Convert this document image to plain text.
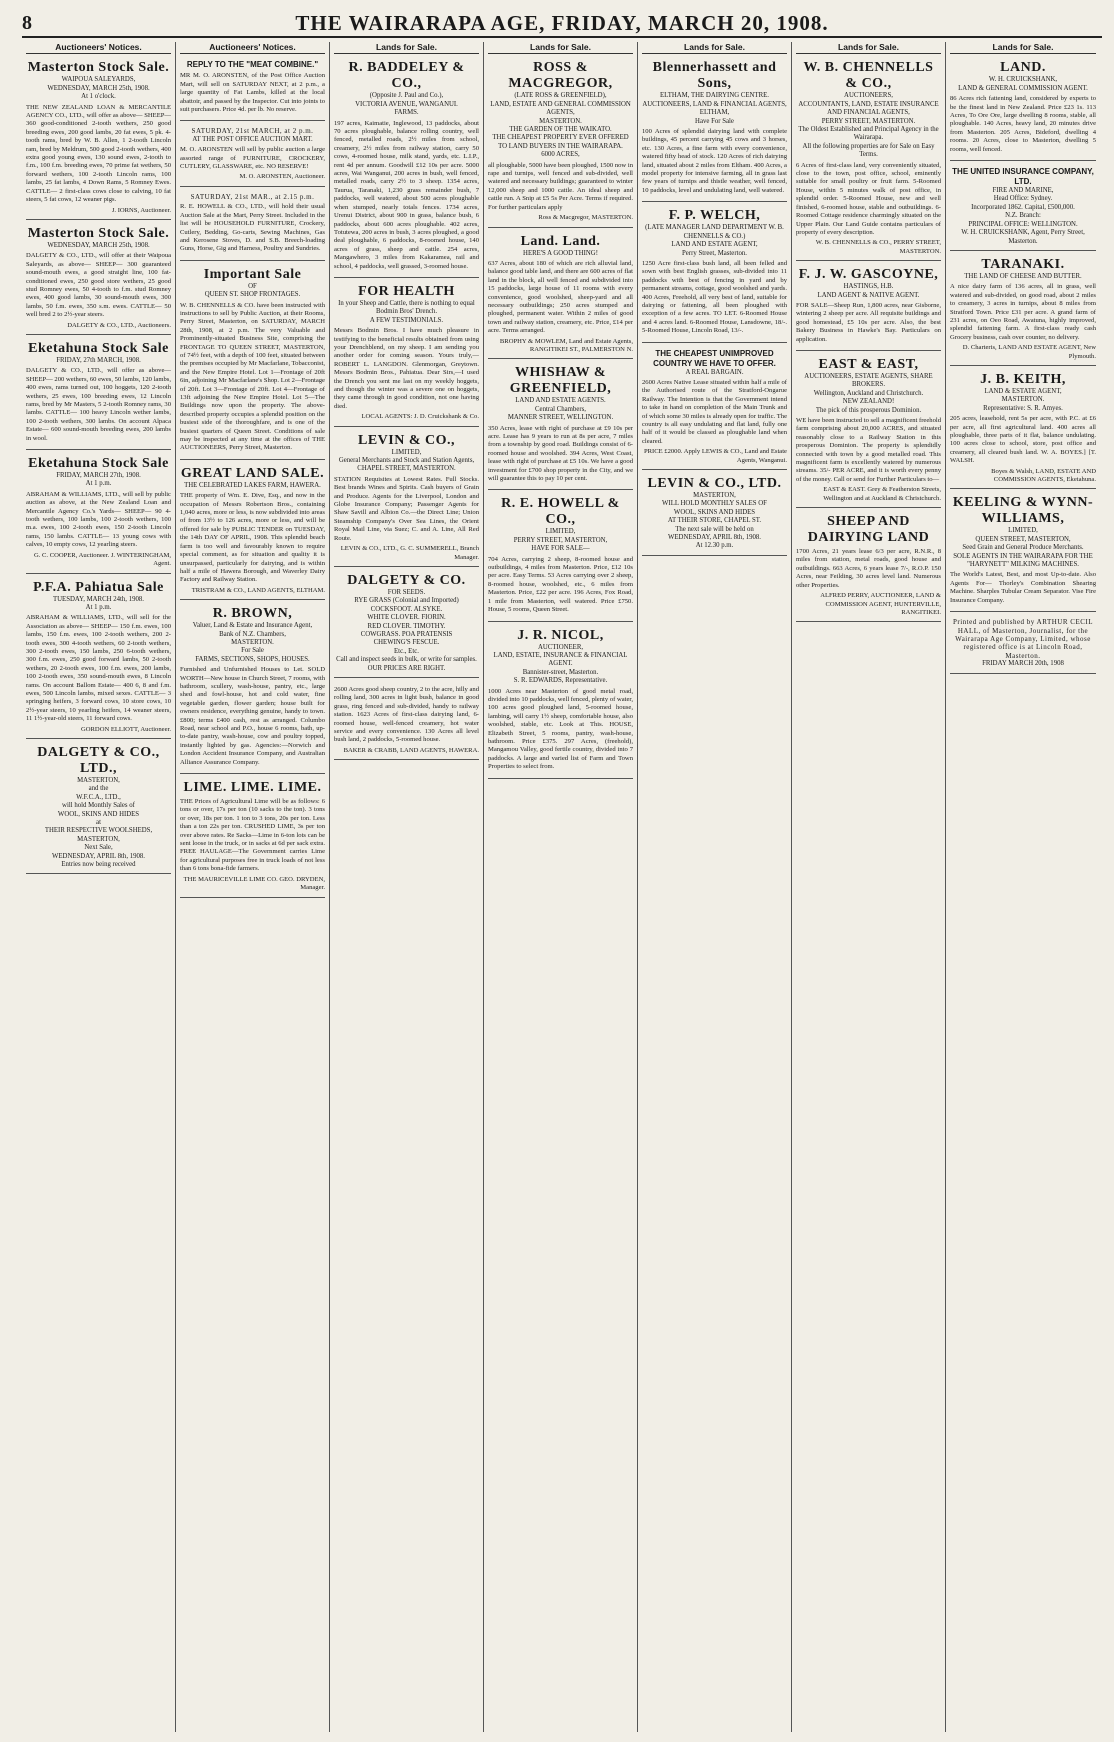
8	THE WAIRARAPA AGE, FRIDAY, MARCH 20, 1908.
Auctioneers' Notices.
Masterton Stock Sale.
WAIPOUA SALEYARDS,
WEDNESDAY, MARCH 25th, 1908.
At 1 o'clock.
THE NEW ZEALAND LOAN & MERCANTILE AGENCY CO., LTD., will offer as above— SHEEP— 360 good-conditioned 2-tooth wethers, 250 good breeding ewes, 200 good lambs, 20 fat ewes, 5 pk. 4-tooth rams, bred by W. B. Allen, 1 2-tooth Lincoln ram, bred by Meldrum, 500 good 2-tooth wethers, 400 extra good young ewes, 130 sound ewes, 2-tooth to f.m., 100 f.m. breeding ewes, 70 prime fat wethers, 50 forward wethers, 100 2-tooth Lincoln rams, 100 lambs, 25 fat lambs, 4 Down Rams, 5 Romney Ewes. CATTLE— 2 first-class cows close to calving, 10 fat steers, 5 fat cows, 12 weaner pigs.
J. IORNS, Auctioneer.
Masterton Stock Sale.
WEDNESDAY, MARCH 25th, 1908.
DALGETY & CO., LTD., will offer at their Waipoua Saleyards, as above— SHEEP— 300 guaranteed sound-mouth ewes, a good straight line, 100 fat-conditioned ewes, 250 good store wethers, 25 good stud Romney ewes, 50 4-tooth to f.m. stud Romney ewes, 400 good lambs, 30 sound-mouth ewes, 300 lambs, 50 f.m. ewes, 350 s.m. ewes. CATTLE— 50 well bred 2 to 2½-year steers.
DALGETY & CO., LTD., Auctioneers.
Eketahuna Stock Sale
FRIDAY, 27th MARCH, 1908.
DALGETY & CO., LTD., will offer as above— SHEEP— 200 wethers, 60 ewes, 50 lambs, 120 lambs, 400 ewes, rams turned out, 100 hoggets, 120 2-tooth wethers, 25 ewes, 100 breeding ewes, 12 Lincoln rams, bred by Mr Masters, 5 2-tooth Romney rams, 30 lambs. CATTLE— 100 heavy Lincoln wether lambs, 100 2-tooth wethers, 300 lambs. On account Alpaca Estate— 600 sound-mouth breeding ewes, 200 lambs in wool.
Eketahuna Stock Sale
FRIDAY, MARCH 27th, 1908.
At 1 p.m.
ABRAHAM & WILLIAMS, LTD., will sell by public auction as above, at the New Zealand Loan and Mercantile Agency Co.'s Yards— SHEEP— 90 4-tooth wethers, 100 lambs, 100 2-tooth wethers, 100 m.a. ewes, 100 2-tooth ewes, 150 2-tooth Lincoln rams, 150 lambs. CATTLE— 13 young cows with calves, 10 empty cows, 12 yearling steers.
G. C. COOPER, Auctioneer. J. WINTERINGHAM, Agent.
P.F.A. Pahiatua Sale
TUESDAY, MARCH 24th, 1908.
At 1 p.m.
ABRAHAM & WILLIAMS, LTD., will sell for the Association as above— SHEEP— 150 f.m. ewes, 100 lambs, 150 f.m. ewes, 100 2-tooth wethers, 200 2-tooth ewes, 300 4-tooth wethers, 60 2-tooth wethers, 300 2-tooth ewes, 150 lambs, 250 6-tooth wethers, 300 f.m. ewes, 250 good forward lambs, 50 2-tooth wethers, 20 2-tooth ewes, 100 f.m. ewes, 200 lambs, 100 2-tooth ewes, 350 sound-mouth ewes, 8 Lincoln rams. On account Ballom Estate— 400 6, 8 and f.m. ewes, 500 Lincoln lambs, mixed sexes. CATTLE— 3 springing heifers, 3 forward cows, 10 store cows, 10 2½-year steers, 10 yearling heifers, 14 weaner steers, 11 1½-year-old steers, 11 forward cows.
GORDON ELLIOTT, Auctioneer.
DALGETY & CO., LTD.,
MASTERTON,
and the
W.F.C.A., LTD.,
will hold Monthly Sales of
WOOL, SKINS AND HIDES
at
THEIR RESPECTIVE WOOLSHEDS, MASTERTON,
Next Sale,
WEDNESDAY, APRIL 8th, 1908.
Entries now being received
Auctioneers' Notices.
REPLY TO THE "MEAT COMBINE."
MR M. O. ARONSTEN, of the Post Office Auction Mart, will sell on SATURDAY NEXT, at 2 p.m., a large quantity of Fat Lambs, killed at the local abattoir, and passed by the Inspector. Cut into joints to suit purchasers. Price 4d. per lb. No reserve.
SATURDAY, 21st MARCH, at 2 p.m.
AT THE POST OFFICE AUCTION MART.
M. O. ARONSTEN will sell by public auction a large assorted range of FURNITURE, CROCKERY, CUTLERY, GLASSWARE, etc. NO RESERVE!
M. O. ARONSTEN, Auctioneer.
SATURDAY, 21st MAR., at 2.15 p.m.
R. E. HOWELL & CO., LTD., will hold their usual Auction Sale at the Mart, Perry Street. Included in the list will be HOUSEHOLD FURNITURE, Crockery, Cutlery, Bedding, Go-carts, Sewing Machines, Gas and Kerosene Stoves, D. and S.B. Breech-loading Guns, Horse, Gig and Harness, Poultry and Sundries.
Important Sale
OF
QUEEN ST. SHOP FRONTAGES.
W. B. CHENNELLS & CO. have been instructed with instructions to sell by Public Auction, at their Rooms, Perry Street, Masterton, on SATURDAY, MARCH 28th, 1908, at 2 p.m. The very Valuable and Prominently-situated Business Site, comprising the FRONTAGE TO QUEEN STREET, MASTERTON, of 74½ feet, with a depth of 100 feet, situated between the premises occupied by Mr Macfarlane, Tobacconist, and the New Empire Hotel. Lot 1—Frontage of 20ft 6in, adjoining Mr Macfarlane's Shop. Lot 2—Frontage of 20ft. Lot 3—Frontage of 20ft. Lot 4—Frontage of 13ft adjoining the New Empire Hotel. Lot 5—The Buildings now upon the property. The above-described property occupies a splendid position on the busiest side of the thoroughfare, and is one of the busiest quarters of Queen Street. Conditions of sale may be inspected at any time at the offices of THE AUCTIONEERS, Perry Street, Masterton.
GREAT LAND SALE.
THE CELEBRATED LAKES FARM, HAWERA.
THE property of Wm. E. Dive, Esq., and now in the occupation of Messrs Robertson Bros., containing 1,040 acres, more or less, is now subdivided into areas of from 13½ to 126 acres, more or less, and will be offered for sale by PUBLIC TENDER on TUESDAY, the 14th DAY OF APRIL, 1908. This splendid beach farm is too well and favourably known to require special comment, as for situation and quality it is unsurpassed, particularly for dairying, and is within half a mile of Hawera Borough, and Waverley Dairy Factory and Railway Station.
TRISTRAM & CO., LAND AGENTS, ELTHAM.
R. BROWN,
Valuer, Land & Estate and Insurance Agent,
Bank of N.Z. Chambers,
MASTERTON.
For Sale
FARMS, SECTIONS, SHOPS, HOUSES.
Furnished and Unfurnished Houses to Let. SOLD WORTH—New house in Church Street, 7 rooms, with bathroom, scullery, wash-house, pantry, etc., large shed and fowl-house, hot and cold water, fine vegetable garden, flower garden; house built for owners residence, everything genuine, handy to town. £800; terms £400 cash, rest as arranged. Columbo Road, near school and P.O., house 6 rooms, bath, up-to-date pantry, wash-house, cow and poultry topped, instantly lighted by gas. Agencies:—Norwich and London Accident Insurance Company, and Australian Alliance Assurance Company.
LIME. LIME. LIME.
THE Prices of Agricultural Lime will be as follows: 6 tons or over, 17s per ton (10 sacks to the ton). 3 tons or over, 18s per ton. 1 ton to 3 tons, 20s per ton. Less than a ton 22s per ton. CRUSHED LIME, 3s per ton over above rates. Re Sacks—Lime in 6-ton lots can be sent loose in the truck, or in sacks at 6d per sack extra. FREE HAULAGE—The Government carries Lime for agricultural purposes free in truck loads of not less than 6 tons bona-fide farmers.
THE MAURICEVILLE LIME CO. GEO. DRYDEN, Manager.
Lands for Sale.
R. BADDELEY & CO.,
(Opposite J. Paul and Co.),
VICTORIA AVENUE, WANGANUI.
FARMS.
197 acres, Kaimatie, Inglewood, 13 paddocks, about 70 acres ploughable, balance rolling country, well fenced, metalled roads, 2½ miles from school, creamery, 2½ miles from railway station, carry 50 cows, 4-roomed house, milk stand, yards, etc. L.I.P., rent 4d per annum. Goodwill £12 10s per acre. 5000 acres, Wai Wanganui, 200 acres in bush, well fenced, metalled roads, carry 2½ to 3 sheep. 1354 acres, Taurua, Taranaki, 1,230 grass remainder bush, 7 paddocks, well watered, about 500 acres ploughable when stumped, nearly totals fences. 1734 acres, Urenui District, about 900 in grass, balance bush, 6 paddocks, about 600 acres ploughable. 402 acres, Totutewa, 200 acres in bush, 3 acres ploughed, a good deal ploughable, 6 paddocks, 8-roomed house, 140 acres of grass, sheep and cattle. 254 acres, Mangawhero, 3 miles from Kakaramea, rail and school, 4 paddocks, well grassed, 3-roomed house.
FOR HEALTH
In your Sheep and Cattle, there is nothing to equal
Bodmin Bros' Drench.
A FEW TESTIMONIALS.
Messrs Bodmin Bros. I have much pleasure in testifying to the beneficial results obtained from using your Drenchblend, on my sheep. I am sending you another order for coming season. Yours truly,—ROBERT L. LANGDON. Glenmorgan, Greytown. Messrs Bodmin Bros., Pahiatua. Dear Sirs,—I used the Drench you sent me last on my weekly hoggets, and though the winter was a severe one on hoggets, they came through in good condition, not one having died.
LOCAL AGENTS: J. D. Cruickshank & Co.
LEVIN & CO.,
LIMITED,
General Merchants and Stock and Station Agents,
CHAPEL STREET, MASTERTON.
STATION Requisites at Lowest Rates. Full Stocks. Best brands Wines and Spirits. Cash buyers of Grain and Produce. Agents for the Liverpool, London and Globe Insurance Company; Passenger Agents for Shaw Savill and Albion Co.—the Direct Line; Union Steamship Company's Over Sea Lines, the Orient Royal Mail Line, via Suez; C. and A. Line, All Red Route.
LEVIN & CO., LTD., G. C. SUMMERELL, Branch Manager.
DALGETY & CO.
FOR SEEDS.
RYE GRASS (Colonial and Imported)
COCKSFOOT. ALSYKE.
WHITE CLOVER. FIORIN.
RED CLOVER. TIMOTHY.
COWGRASS. POA PRATENSIS
CHEWING'S FESCUE.
Etc., Etc.
Call and inspect seeds in bulk, or write for samples.
OUR PRICES ARE RIGHT.
2600 Acres good sheep country, 2 to the acre, hilly and rolling land, 300 acres in light bush, balance in good grass, ring fenced and sub-divided, handy to railway station. 1623 Acres of first-class dairying land, 6-roomed house, well-fenced creamery, hot water service and every convenience. 130 Acres all level bush land, 2 paddocks, 5-roomed house.
BAKER & CRABB, LAND AGENTS, HAWERA.
Lands for Sale.
ROSS & MACGREGOR,
(LATE ROSS & GREENFIELD),
LAND, ESTATE AND GENERAL COMMISSION AGENTS,
MASTERTON.
THE GARDEN OF THE WAIKATO.
THE CHEAPEST PROPERTY EVER OFFERED TO LAND BUYERS IN THE WAIRARAPA.
6000 ACRES,
all ploughable, 5000 have been ploughed, 1500 now in rape and turnips, well fenced and sub-divided, well watered and necessary buildings; guaranteed to winter 12,000 sheep and 1000 cattle. An ideal sheep and cattle run. A Snip at £5 5s Per Acre. Terms if required. For further particulars apply
Ross & Macgregor, MASTERTON.
Land. Land.
HERE'S A GOOD THING!
637 Acres, about 180 of which are rich alluvial land, balance good table land, and there are 600 acres of flat land in the block, all well fenced and subdivided into 15 paddocks, large house of 11 rooms with every convenience, good woolshed, sheep-yard and all necessary outbuildings; 250 acres stumped and ploughed, permanent water. Within 2 miles of good town and railway station, creamery, etc. Price, £14 per acre. Terms arranged.
BROPHY & MOWLEM, Land and Estate Agents, RANGITIKEI ST., PALMERSTON N.
WHISHAW & GREENFIELD,
LAND AND ESTATE AGENTS.
Central Chambers,
MANNER STREET, WELLINGTON.
350 Acres, lease with right of purchase at £9 10s per acre. Lease has 9 years to run at 8s per acre, 7 miles from a township by good road. Buildings consist of 6-roomed house and woolshed. 394 Acres, West Coast, lease with right of purchase at £5 10s. We have a good investment for £700 shop property in the City, and we will guarantee this to pay 10 per cent.
R. E. HOWELL & CO.,
LIMITED,
PERRY STREET, MASTERTON,
HAVE FOR SALE—
704 Acres, carrying 2 sheep, 8-roomed house and outbuildings, 4 miles from Masterton. Price, £12 10s per acre. Easy Terms. 53 Acres carrying over 2 sheep, 8-roomed house, woolshed, etc., 6 miles from Masterton. Price, £22 per acre. 196 Acres, Fox Road, 1 mile from Masterton, well watered. Price £750. House, 5 rooms, Queen Street.
J. R. NICOL,
AUCTIONEER,
LAND, ESTATE, INSURANCE & FINANCIAL AGENT.
Bannister-street, Masterton.
S. R. EDWARDS, Representative.
1000 Acres near Masterton of good metal road, divided into 10 paddocks, well fenced, plenty of water, 100 acres good ploughed land, 5-roomed house, lambing, will carry 1½ sheep, comfortable house, also woolshed, stable, etc. Look at This. HOUSE, Elizabeth Street, 5 rooms, pantry, wash-house, bathroom. Price £375. 297 Acres, (freehold), Mangamou Valley, good fertile country, divided into 7 paddocks. A large and varied list of Farm and Town Properties to select from.
Lands for Sale.
Blennerhassett and Sons,
ELTHAM, THE DAIRYING CENTRE.
AUCTIONEERS, LAND & FINANCIAL AGENTS, ELTHAM,
Have For Sale
100 Acres of splendid dairying land with complete buildings, 45 percent carrying 45 cows and 3 horses, etc. 130 Acres, a fine farm with every convenience, watered fifty head of stock. 120 Acres of rich dairying land, situated about 2 miles from Eltham. 400 Acres, a model property for intensive farming, all in grass last few years of turnips and thistle weather, well fenced, 10 paddocks, level and undulating land, well watered.
F. P. WELCH,
(LATE MANAGER LAND DEPARTMENT W. B. CHENNELLS & CO.)
LAND AND ESTATE AGENT,
Perry Street, Masterton.
1250 Acre first-class bush land, all been felled and sown with best English grasses, sub-divided into 11 paddocks with best of fencing in yard and by permanent streams, cottage, good woolshed and yards. 400 Acres, Freehold, all very best of land, suitable for dairying or fattening, all been ploughed with exception of a few acres. TO LET. 6-Roomed House and 4 acres land. 6-Roomed House, Lansdowne, 18/-. 5-Roomed House, Lincoln Road, 13/-.
THE CHEAPEST UNIMPROVED COUNTRY WE HAVE TO OFFER.
A REAL BARGAIN.
2600 Acres Native Lease situated within half a mile of the Authorised route of the Stratford-Ongarue Railway. The Intention is that the Government intend to take in hand on completion of the Main Trunk and of which some 30 miles is already open for traffic. The country is all easy undulating and flat land, fully one half of it would be classed as ploughable land when cleared.
PRICE £2000. Apply LEWIS & CO., Land and Estate Agents, Wanganui.
LEVIN & CO., LTD.
MASTERTON,
WILL HOLD MONTHLY SALES OF
WOOL, SKINS AND HIDES
AT THEIR STORE, CHAPEL ST.
The next sale will be held on
WEDNESDAY, APRIL 8th, 1908.
At 12.30 p.m.
Lands for Sale.
W. B. CHENNELLS & CO.,
AUCTIONEERS,
ACCOUNTANTS, LAND, ESTATE INSURANCE AND FINANCIAL AGENTS,
PERRY STREET, MASTERTON.
The Oldest Established and Principal Agency in the Wairarapa.
All the following properties are for Sale on Easy Terms.
6 Acres of first-class land, very conveniently situated, close to the town, post office, school, eminently suitable for small poultry or fruit farm. 5-Roomed House, within 5 minutes walk of post office, in splendid order. 5-Roomed House, new and well finished, 6-roomed house, stable and outbuildings. 6-Roomed Cottage residence charmingly situated on the Upper Plain. Our Land Guide contains particulars of property of every description.
W. B. CHENNELLS & CO., PERRY STREET, MASTERTON.
F. J. W. GASCOYNE,
HASTINGS, H.B.
LAND AGENT & NATIVE AGENT.
FOR SALE—Sheep Run, 1,800 acres, near Gisborne, wintering 2 sheep per acre. All requisite buildings and good homestead, £5 10s per acre. Also, the best Bakery Business in Hawke's Bay. Particulars on application.
EAST & EAST,
AUCTIONEERS, ESTATE AGENTS, SHARE BROKERS.
Wellington, Auckland and Christchurch.
NEW ZEALAND!
The pick of this prosperous Dominion.
WE have been instructed to sell a magnificent freehold farm comprising about 20,000 ACRES, and situated reasonably close to a Railway Station in this prosperous Dominion. The property is splendidly connected with town by a good metalled road. This magnificent farm is excellently watered by numerous streams. 35/- PER ACRE, and it is worth every penny of the money. Call or send for Further Particulars to—
EAST & EAST. Grey & Featherston Streets, Wellington and at Auckland & Christchurch.
SHEEP AND DAIRYING LAND
1700 Acres, 21 years lease 6/3 per acre, R.N.R., 8 miles from station, metal roads, good house and outbuildings. 663 Acres, 6 years lease 7/-, R.O.P. 150 Acres, near Feilding, 30 acres level land. Numerous other Properties.
ALFRED PERRY, AUCTIONEER, LAND & COMMISSION AGENT, HUNTERVILLE, RANGITIKEI.
Lands for Sale.
LAND.
W. H. CRUICKSHANK,
LAND & GENERAL COMMISSION AGENT.
86 Acres rich fattening land, considered by experts to be the finest land in New Zealand. Price £23 1s. 113 Acres, To Ore Ore, large dwelling 8 rooms, stable, all ploughable. 140 Acres, heavy land, 20 minutes drive from Masterton. 205 Acres, Bideford, dwelling 4 rooms. 20 Acres, close to Masterton, dwelling 5 rooms, well fenced.
THE UNITED INSURANCE COMPANY, LTD.
FIRE AND MARINE,
Head Office: Sydney.
Incorporated 1862. Capital, £500,000.
N.Z. Branch:
PRINCIPAL OFFICE: WELLINGTON.
W. H. CRUICKSHANK, Agent, Perry Street, Masterton.
TARANAKI.
THE LAND OF CHEESE AND BUTTER.
A nice dairy farm of 136 acres, all in grass, well watered and sub-divided, on good road, about 2 miles to creamery, 3 acres in turnips, about 8 miles from Stratford Town. Price £31 per acre. A grand farm of 231 acres, on Oeo Road, Awatuna, highly improved, splendid fattening farm. A first-class ready cash Grocery business, cash over counter, no delivery.
D. Charteris, LAND AND ESTATE AGENT, New Plymouth.
J. B. KEITH,
LAND & ESTATE AGENT,
MASTERTON.
Representative: S. R. Amyes.
205 acres, leasehold, rent 5s per acre, with P.C. at £6 per acre, all first agricultural land. 400 acres all ploughable, three parts of it flat, balance undulating. 100 acres close to school, store, post office and creamery, all cleared bush land. W. A. BOYES.] [T. WALSH.
Boyes & Walsh, LAND, ESTATE AND COMMISSION AGENTS, Eketahuna.
KEELING & WYNN-WILLIAMS,
LIMITED,
QUEEN STREET, MASTERTON,
Seed Grain and General Produce Merchants.
SOLE AGENTS IN THE WAIRARAPA FOR THE "HARYNETT" MILKING MACHINES.
The World's Latest, Best, and most Up-to-date. Also Agents For— Thorley's Combination Shearing Machine. Sharples Tubular Cream Separator. Vise Fire Insurance Company.
Printed and published by ARTHUR CECIL HALL, of Masterton, Journalist, for the Wairarapa Age Company, Limited, whose registered office is at Lincoln Road, Masterton.
FRIDAY MARCH 20th, 1908
